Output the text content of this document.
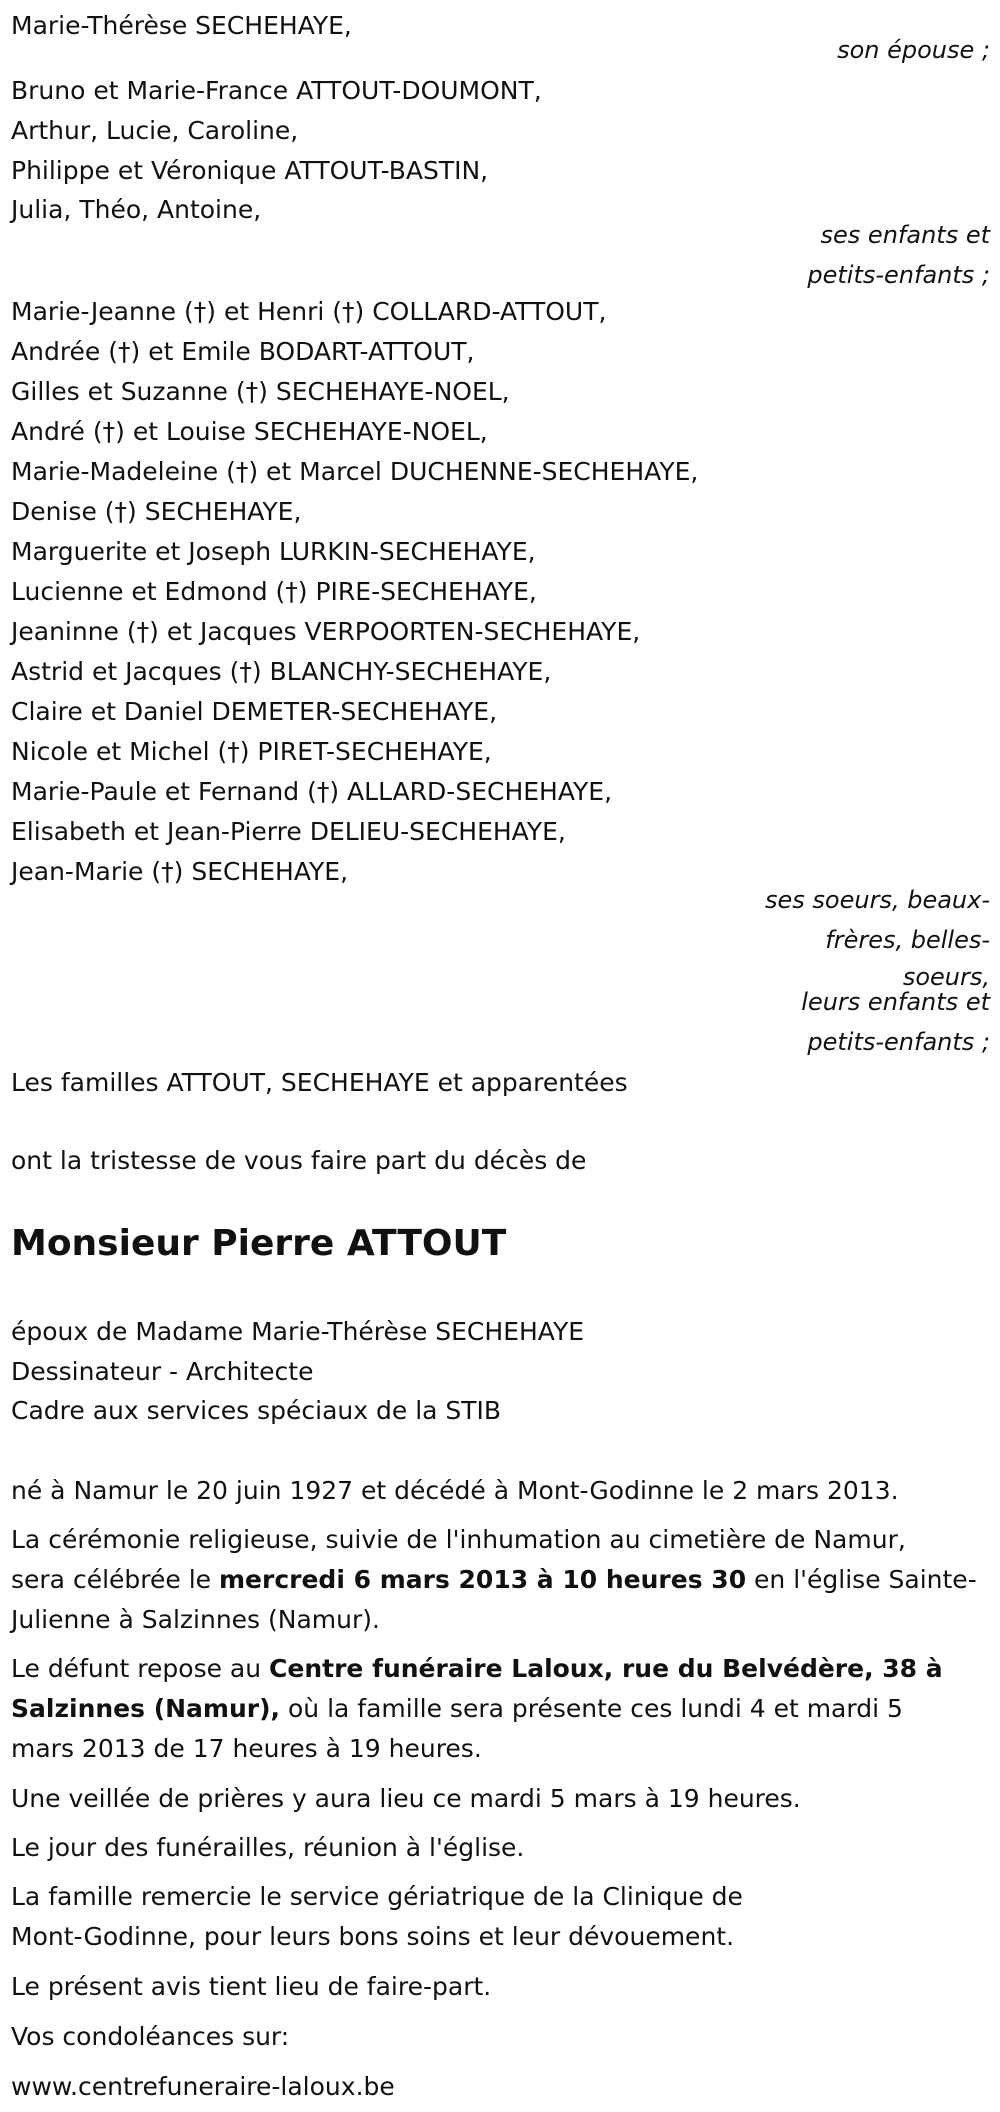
Marie-Thérèse SECHEHAYE,

son épouse ;

Bruno et Marie-France ATTOUT-DOUMONT,

Arthur, Lucie, Caroline,

Philippe et Véronique ATTOUT-BASTIN,

Julia, Théo, Antoine,

ses enfants et

petits-enfants ;

Marie-Jeanne (†) et Henri (†) COLLARD-ATTOUT,

Andrée (†) et Emile BODART-ATTOUT,

Gilles et Suzanne (†) SECHEHAYE-NOEL,

André (†) et Louise SECHEHAYE-NOEL,

Marie-Madeleine (†) et Marcel DUCHENNE-SECHEHAYE,

Denise (†) SECHEHAYE,

Marguerite et Joseph LURKIN-SECHEHAYE,

Lucienne et Edmond (†) PIRE-SECHEHAYE,

Jeaninne (†) et Jacques VERPOORTEN-SECHEHAYE,

Astrid et Jacques (†) BLANCHY-SECHEHAYE,

Claire et Daniel DEMETER-SECHEHAYE,

Nicole et Michel (†) PIRET-SECHEHAYE,

Marie-Paule et Fernand (†) ALLARD-SECHEHAYE,

Elisabeth et Jean-Pierre DELIEU-SECHEHAYE,

Jean-Marie (†) SECHEHAYE,

ses soeurs, beaux-

frères, belles-

soeurs,

leurs enfants et

petits-enfants ;

Les familles ATTOUT, SECHEHAYE et apparentées

ont la tristesse de vous faire part du décès de

Monsieur Pierre ATTOUT

époux de Madame Marie-Thérèse SECHEHAYE

Dessinateur - Architecte

Cadre aux services spéciaux de la STIB

né à Namur le 20 juin 1927 et décédé à Mont-Godinne le 2 mars 2013.

La cérémonie religieuse, suivie de l'inhumation au cimetière de Namur,

sera célébrée le mercredi 6 mars 2013 à 10 heures 30 en l'église Sainte-

Julienne à Salzinnes (Namur).

Le défunt repose au Centre funéraire Laloux, rue du Belvédère, 38 à

Salzinnes (Namur), où la famille sera présente ces lundi 4 et mardi 5

mars 2013 de 17 heures à 19 heures.

Une veillée de prières y aura lieu ce mardi 5 mars à 19 heures.

Le jour des funérailles, réunion à l'église.

La famille remercie le service gériatrique de la Clinique de

Mont-Godinne, pour leurs bons soins et leur dévouement.

Le présent avis tient lieu de faire-part.

Vos condoléances sur:

www.centrefuneraire-laloux.be
